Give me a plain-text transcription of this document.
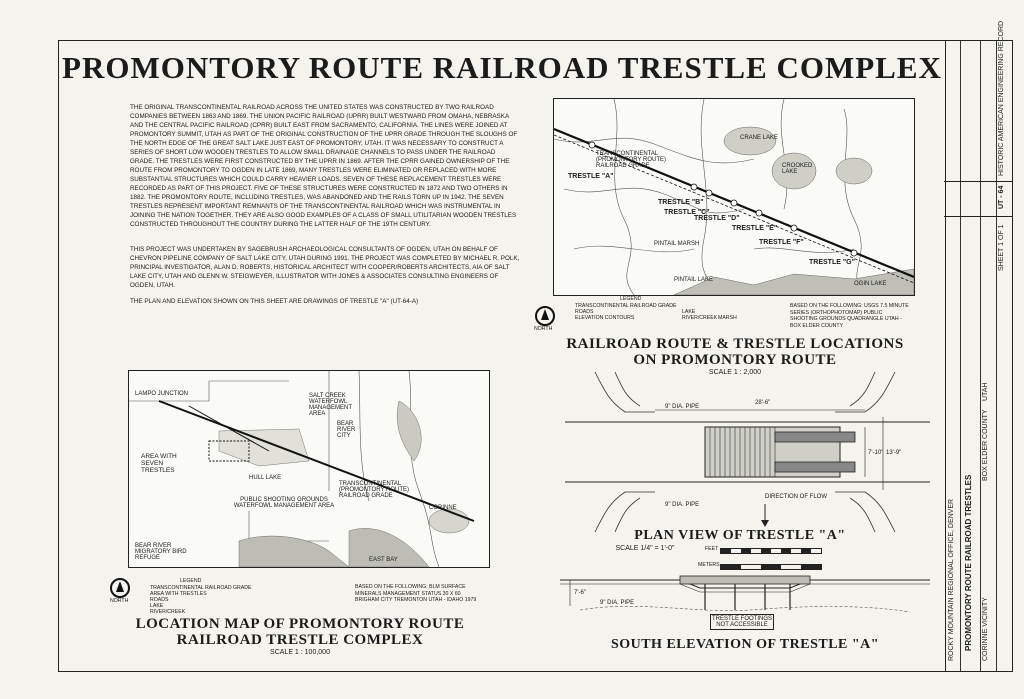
PROMONTORY ROUTE RAILROAD TRESTLES CORINNE VICINITY
BOX ELDER COUNTY
UTAH
ROCKY MOUNTAIN REGIONAL OFFICE, DENVER
HISTORIC AMERICAN ENGINEERING RECORD
UT - 64
SHEET 1 OF 1
PROMONTORY ROUTE RAILROAD TRESTLE COMPLEX
THE ORIGINAL TRANSCONTINENTAL RAILROAD ACROSS THE UNITED STATES WAS CONSTRUCTED BY TWO RAILROAD COMPANIES BETWEEN 1863 AND 1869. THE UNION PACIFIC RAILROAD (UPRR) BUILT WESTWARD FROM OMAHA, NEBRASKA AND THE CENTRAL PACIFIC RAILROAD (CPRR) BUILT EAST FROM SACRAMENTO, CALIFORNIA. THE LINES WERE JOINED AT PROMONTORY SUMMIT, UTAH AS PART OF THE ORIGINAL CONSTRUCTION OF THE UPRR GRADE THROUGH THE SLOUGHS OF THE NORTH EDGE OF THE GREAT SALT LAKE JUST EAST OF PROMONTORY, UTAH. IT WAS NECESSARY TO CONSTRUCT A SERIES OF SHORT LOW WOODEN TRESTLES TO ALLOW SMALL DRAINAGE CHANNELS TO PASS UNDER THE RAILROAD GRADE. THE TRESTLES WERE FIRST CONSTRUCTED BY THE UPRR IN 1869. AFTER THE CPRR GAINED OWNERSHIP OF THE ROUTE FROM PROMONTORY TO OGDEN IN LATE 1869, MANY TRESTLES WERE ELIMINATED OR REPLACED WITH MORE SUBSTANTIAL STRUCTURES WHICH COULD CARRY HEAVIER LOADS. SEVEN OF THESE REPLACEMENT TRESTLES WERE RECORDED AS PART OF THIS PROJECT. FIVE OF THESE STRUCTURES WERE CONSTRUCTED IN 1872 AND TWO OTHERS IN 1882. THE PROMONTORY ROUTE, INCLUDING TRESTLES, WAS ABANDONED AND THE RAILS TORN UP IN 1942. THE SEVEN TRESTLES REPRESENT IMPORTANT REMNANTS OF THE TRANSCONTINENTAL RAILROAD WHICH WAS INSTRUMENTAL IN JOINING THE NATION TOGETHER. THEY ARE ALSO GOOD EXAMPLES OF A CLASS OF SMALL UTILITARIAN WOODEN TRESTLES CONSTRUCTED THROUGHOUT THE COUNTRY DURING THE LATTER HALF OF THE 19TH CENTURY.
THIS PROJECT WAS UNDERTAKEN BY SAGEBRUSH ARCHAEOLOGICAL CONSULTANTS OF OGDEN, UTAH ON BEHALF OF CHEVRON PIPELINE COMPANY OF SALT LAKE CITY, UTAH DURING 1991. THE PROJECT WAS COMPLETED BY MICHAEL R. POLK, PRINCIPAL INVESTIGATOR, ALAN D. ROBERTS, HISTORICAL ARCHITECT WITH COOPER/ROBERTS ARCHITECTS, AIA OF SALT LAKE CITY, UTAH AND GLENN W. STEIGWEYER, ILLUSTRATOR WITH JONES & ASSOCIATES CONSULTING ENGINEERS OF OGDEN, UTAH.
THE PLAN AND ELEVATION SHOWN ON THIS SHEET ARE DRAWINGS OF TRESTLE "A" (UT-64-A)
TRANSCONTINENTAL (PROMONTORY ROUTE) RAILROAD GRADE
TRESTLE "A"
TRESTLE "B"
TRESTLE "C"
TRESTLE "D"
TRESTLE "E"
TRESTLE "F"
TRESTLE "G"
PINTAIL MARSH
PINTAIL LAKE
CRANE LAKE
CROOKED LAKE
OGIN LAKE
NORTH
LEGEND
TRANSCONTINENTAL RAILROAD GRADE
ROADS
ELEVATION CONTOURS
LAKE
RIVER/CREEK MARSH
BASED ON THE FOLLOWING: USGS 7.5 MINUTE SERIES (ORTHOPHOTOMAP) PUBLIC SHOOTING GROUNDS QUADRANGLE UTAH - BOX ELDER COUNTY
RAILROAD ROUTE & TRESTLE LOCATIONS
ON PROMONTORY ROUTE
SCALE 1 : 2,000
LAMPO JUNCTION
AREA WITH SEVEN TRESTLES
SALT CREEK WATERFOWL MANAGEMENT AREA
HULL LAKE
PUBLIC SHOOTING GROUNDS WATERFOWL MANAGEMENT AREA
TRANSCONTINENTAL (PROMONTORY ROUTE) RAILROAD GRADE
CORINNE
BEAR RIVER MIGRATORY BIRD REFUGE	EAST BAY
BEAR RIVER CITY
NORTH
LEGEND
TRANSCONTINENTAL RAILROAD GRADE
AREA WITH TRESTLES
ROADS
LAKE
RIVER/CREEK
BASED ON THE FOLLOWING: BLM SURFACE MINERALS MANAGEMENT STATUS 30 X 60 BRIGHAM CITY TREMONTON UTAH - IDAHO 1979
LOCATION MAP OF PROMONTORY ROUTE
RAILROAD TRESTLE COMPLEX
SCALE 1 : 100,000
9" DIA. PIPE
28'-6"
7'-10" 13'-9"
9" DIA. PIPE
DIRECTION OF FLOW
PLAN VIEW OF TRESTLE "A"
SCALE 1/4" = 1'-0"	FEET
METERS
7'-6"
9" DIA. PIPE
TRESTLE FOOTINGS NOT ACCESSIBLE
SOUTH ELEVATION OF TRESTLE "A"
